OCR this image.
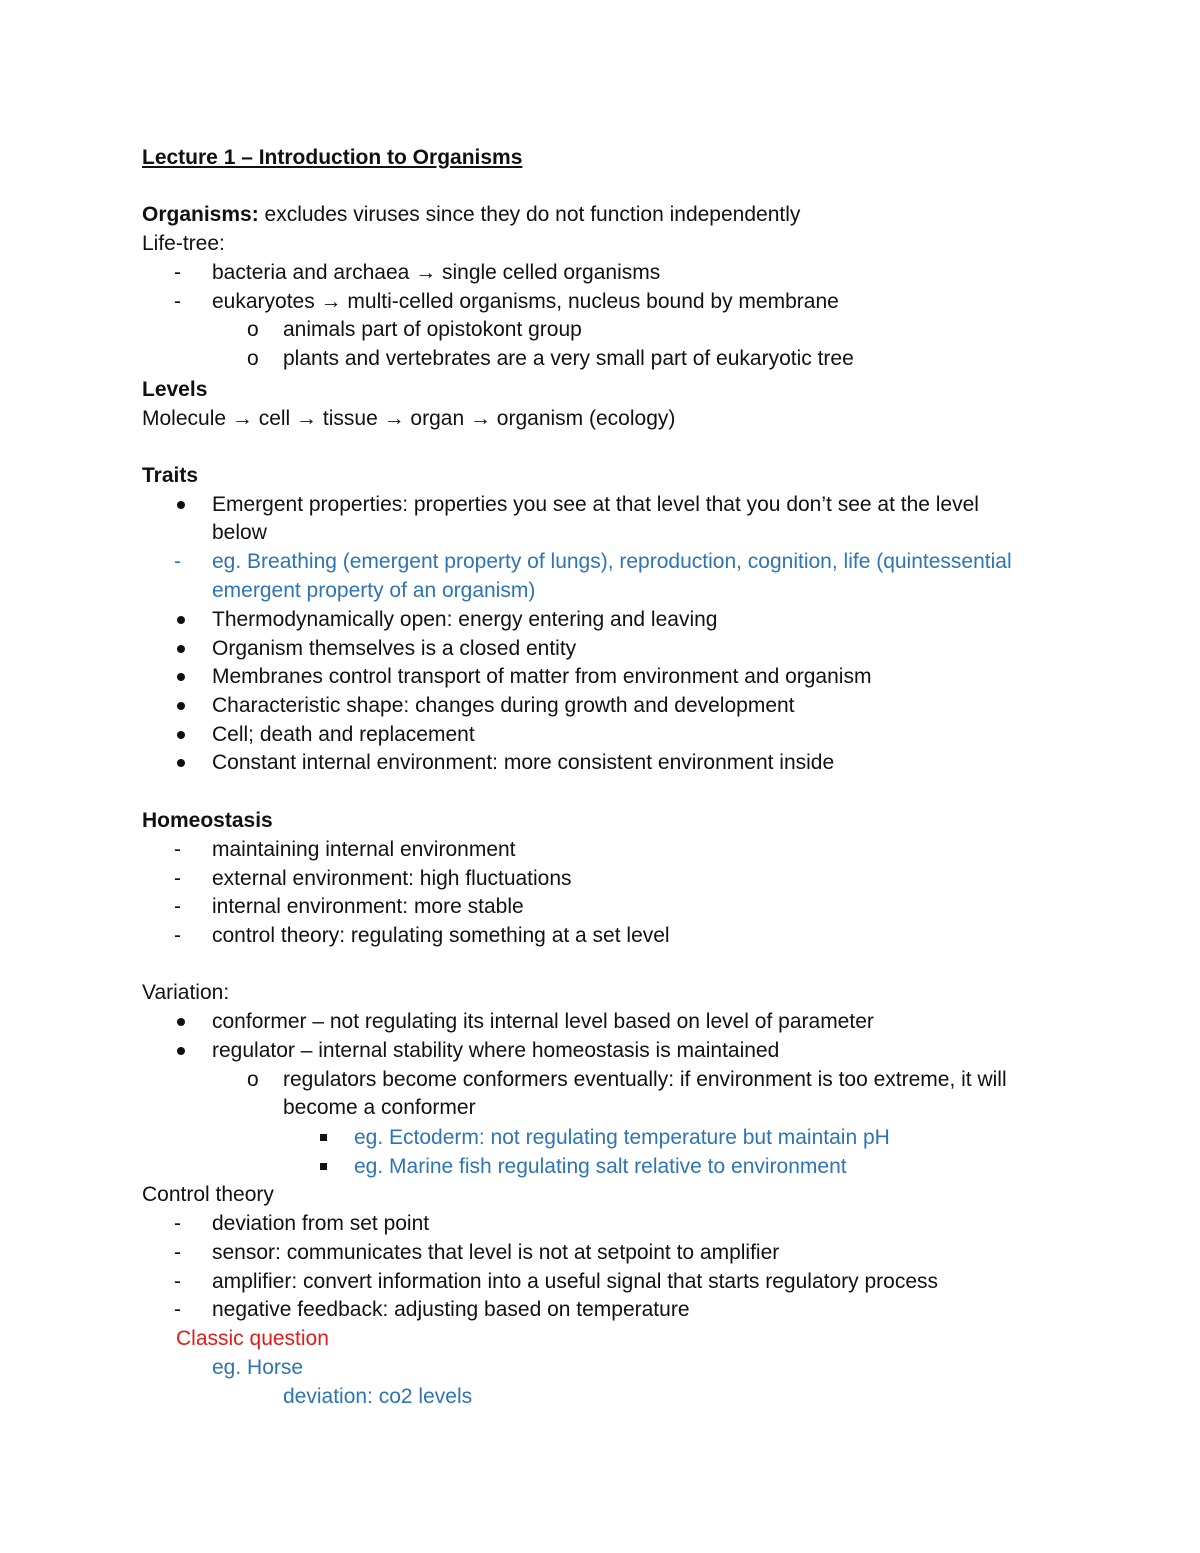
Lecture 1 – Introduction to Organisms
Organisms: excludes viruses since they do not function independently
Life-tree:
- bacteria and archaea → single celled organisms
- eukaryotes → multi-celled organisms, nucleus bound by membrane
o animals part of opistokont group
o plants and vertebrates are a very small part of eukaryotic tree
Levels
Molecule → cell → tissue → organ → organism (ecology)
Traits
Emergent properties: properties you see at that level that you don’t see at the level
below
- eg. Breathing (emergent property of lungs), reproduction, cognition, life (quintessential
emergent property of an organism)
Thermodynamically open: energy entering and leaving
Organism themselves is a closed entity
Membranes control transport of matter from environment and organism
Characteristic shape: changes during growth and development
Cell; death and replacement
Constant internal environment: more consistent environment inside
Homeostasis
- maintaining internal environment
- external environment: high fluctuations
- internal environment: more stable
- control theory: regulating something at a set level
Variation:
conformer – not regulating its internal level based on level of parameter
regulator – internal stability where homeostasis is maintained
o regulators become conformers eventually: if environment is too extreme, it will
become a conformer
eg. Ectoderm: not regulating temperature but maintain pH
eg. Marine fish regulating salt relative to environment
Control theory
- deviation from set point
- sensor: communicates that level is not at setpoint to amplifier
- amplifier: convert information into a useful signal that starts regulatory process
- negative feedback: adjusting based on temperature
Classic question
eg. Horse
deviation: co2 levels
